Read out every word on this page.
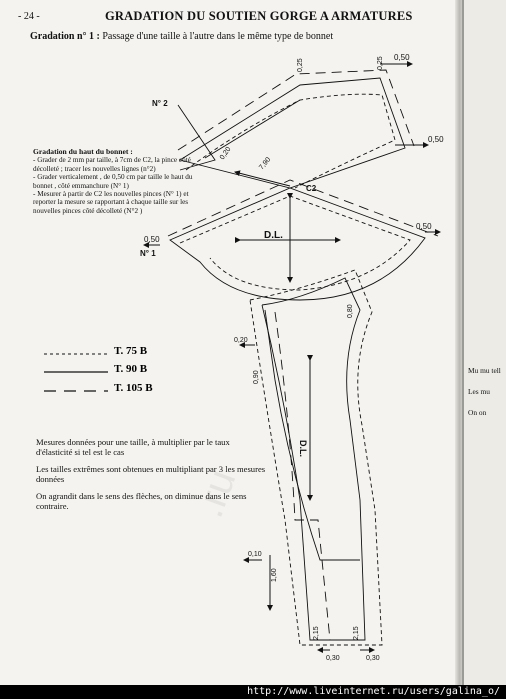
- 24 -	GRADATION DU SOUTIEN GORGE A ARMATURES
Gradation n° 1 : Passage d'une taille à l'autre dans le même type de bonnet
Gradation du haut du bonnet :
- Grader de 2 mm par taille, à 7cm de C2, la pince côté décolleté ; tracer les nouvelles lignes (n°2)
- Grader verticalement , de 0,50 cm par taille le haut du bonnet , côté emmanchure (N° 1)
- Mesurer à partir de C2 les nouvelles pinces (N° 1) et reporter la mesure se rapportant à chaque taille sur les nouvelles pinces côté décolleté (N°2 )
T. 75 B
T. 90 B
T. 105 B

Mesures données pour une taille, à multiplier par le taux d'élasticité si tel est le cas

Les tailles extrêmes sont obtenues en multipliant par 3 les mesures données

On agrandit dans le sens des flèches, on diminue dans le sens contraire.

N° 2
N° 1
C2
D.L.
D.L.
0,25	0,25 0,50
0,50
0,50
0,50
0,20
7,90
0,20
0,90
0,80
0,10
1,60
2,15	2,15
0,30	0,30
.ru

Mu mu tell

Les mu

On on

http://www.liveinternet.ru/users/galina_o/
